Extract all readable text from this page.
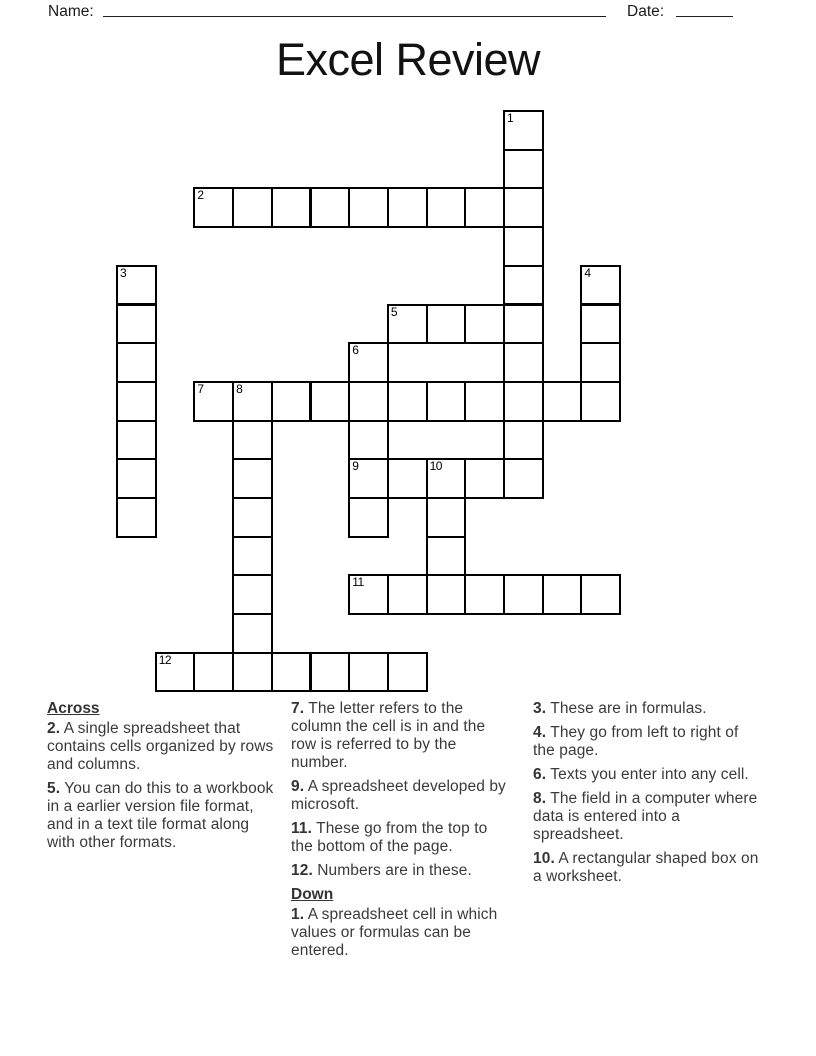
Name:	Date:
Excel Review
1
2
3	4
5
6
7	8
9	10
11
12
Across

2. A single spreadsheet that contains cells organized by rows and columns.

5. You can do this to a workbook in a earlier version file format, and in a text tile format along with other formats.

7. The letter refers to the column the cell is in and the row is referred to by the number.

9. A spreadsheet developed by microsoft.

11. These go from the top to the bottom of the page.

12. Numbers are in these.

Down

1. A spreadsheet cell in which values or formulas can be entered.

3. These are in formulas.

4. They go from left to right of the page.

6. Texts you enter into any cell.

8. The field in a computer where data is entered into a spreadsheet.

10. A rectangular shaped box on a worksheet.
